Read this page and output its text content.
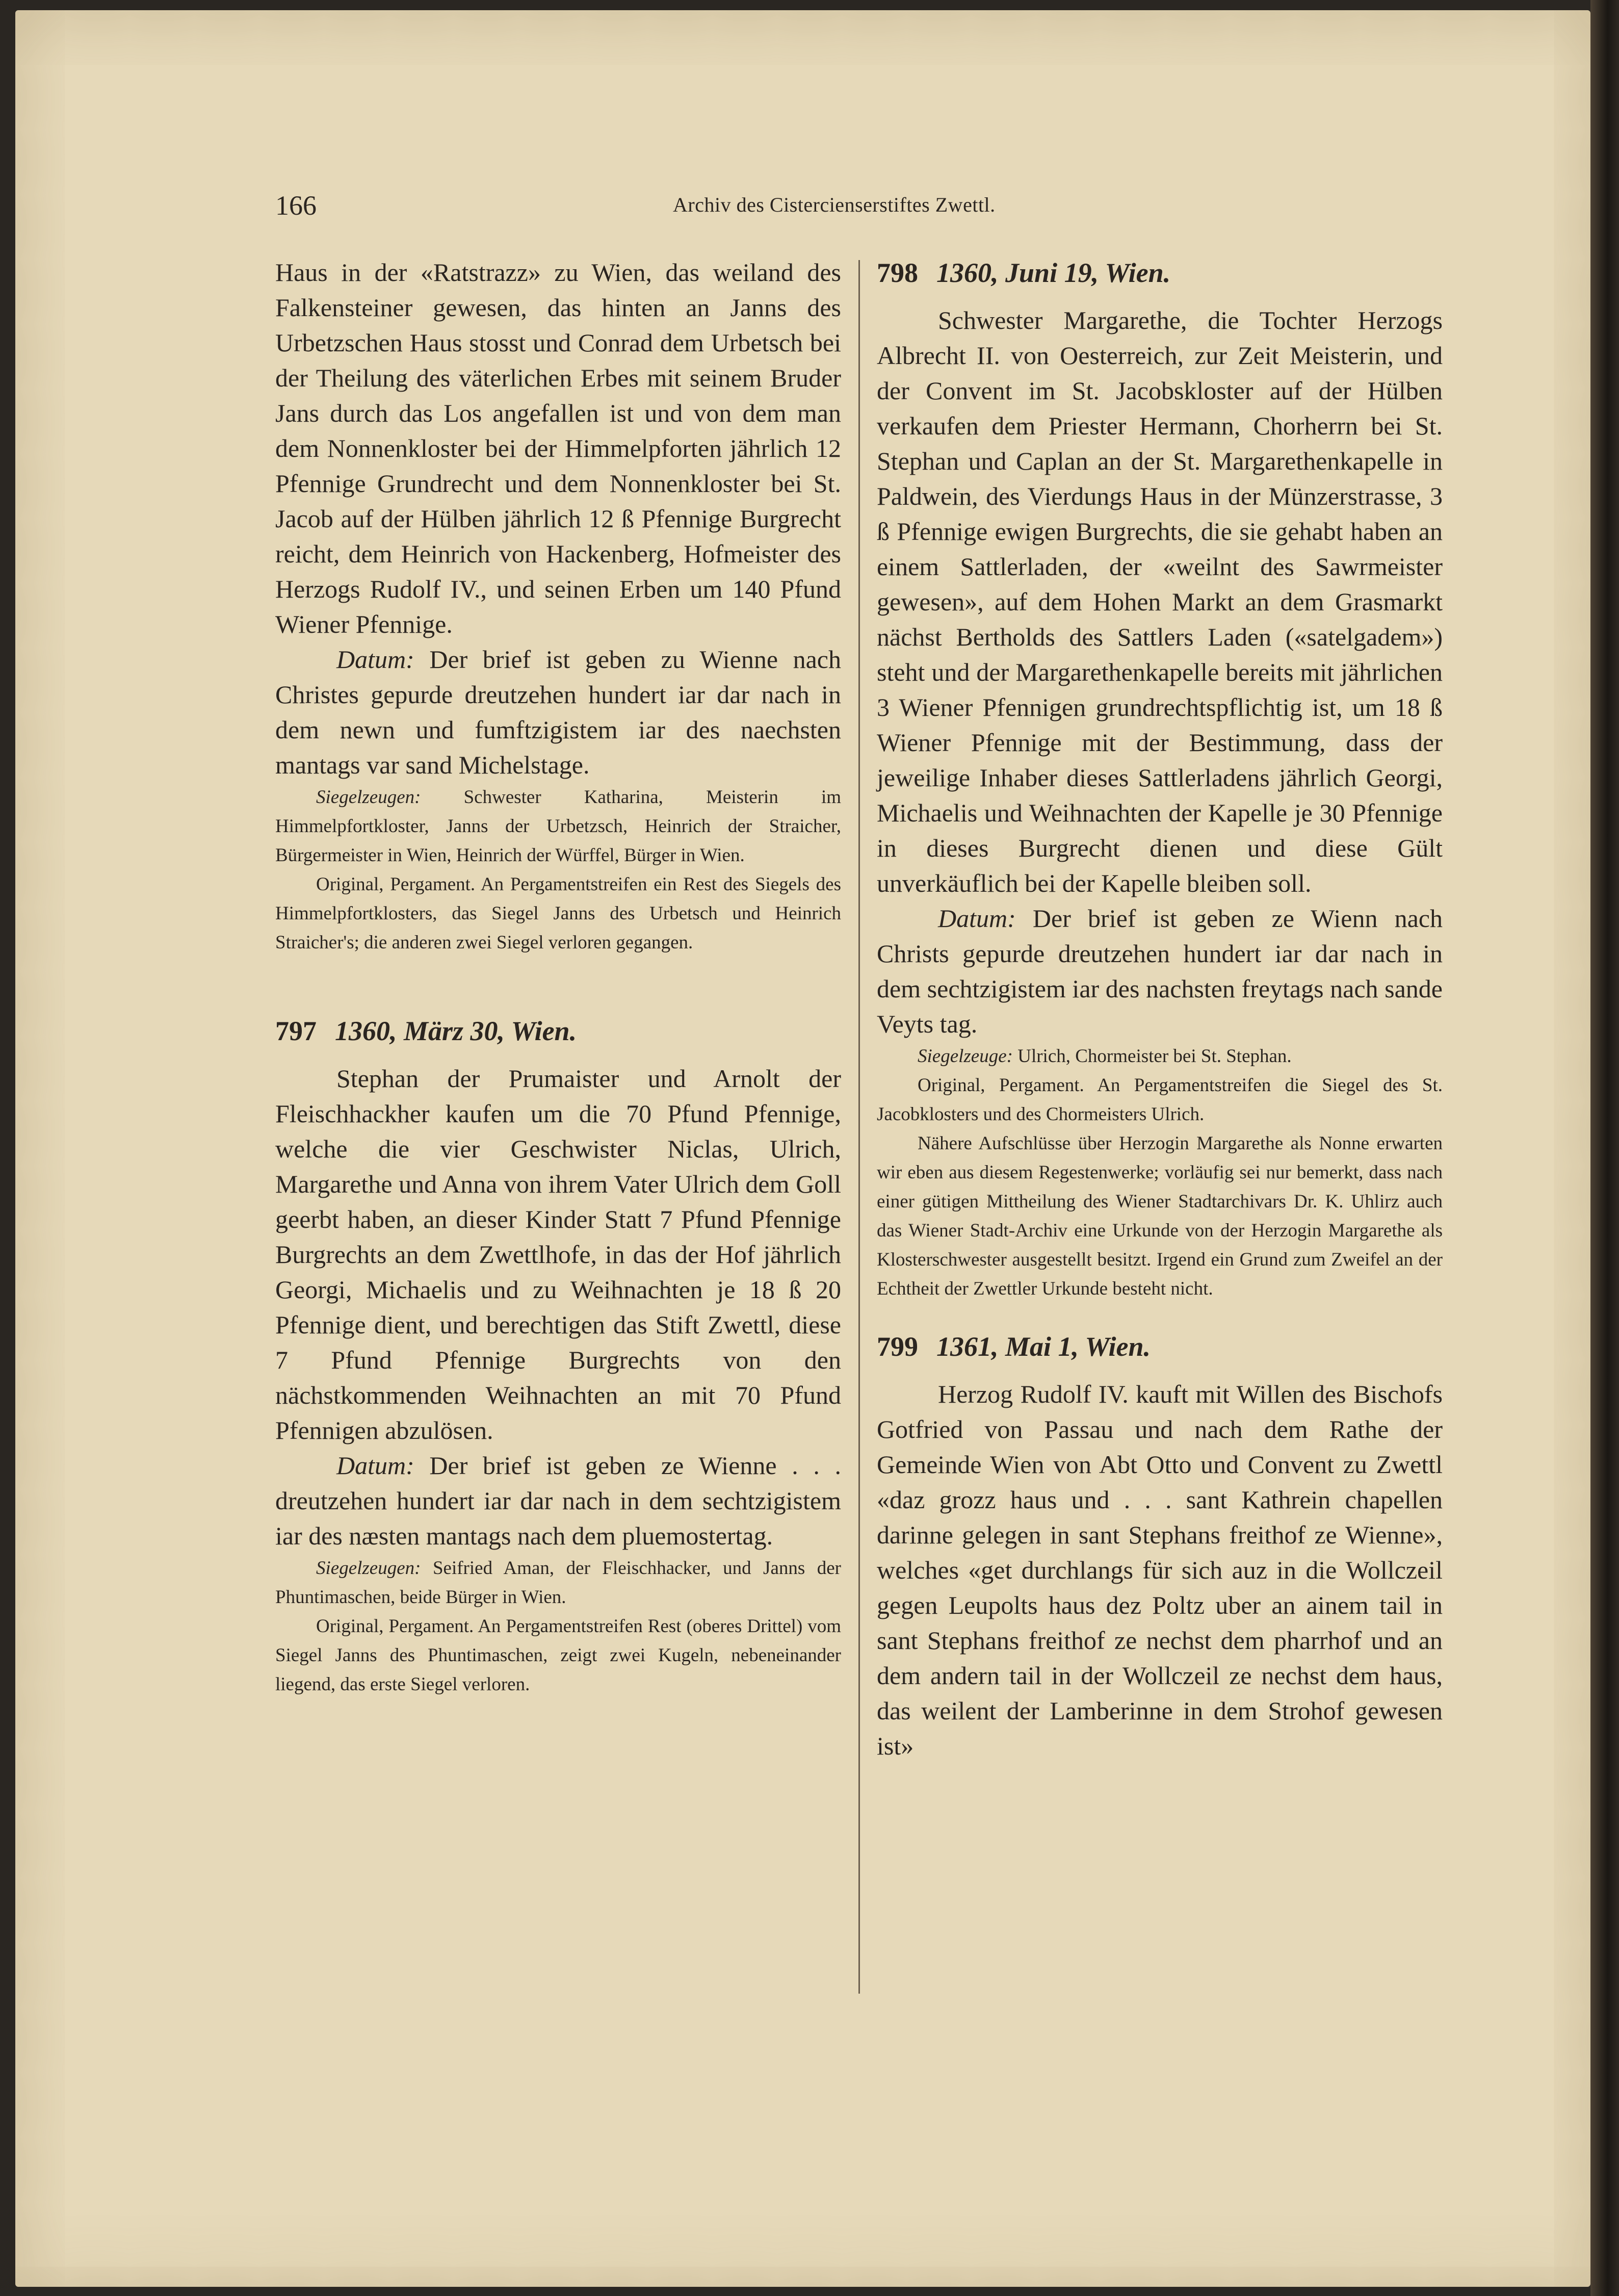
166	Archiv des Cistercienserstiftes Zwettl.

Haus in der «Ratstrazz» zu Wien, das weiland des Falkensteiner gewesen, das hinten an Janns des Urbetzschen Haus stosst und Conrad dem Urbetsch bei der Theilung des väterlichen Erbes mit seinem Bruder Jans durch das Los angefallen ist und von dem man dem Nonnenkloster bei der Himmelpforten jährlich 12 Pfennige Grundrecht und dem Nonnenkloster bei St. Jacob auf der Hülben jährlich 12 ß Pfennige Burgrecht reicht, dem Heinrich von Hackenberg, Hofmeister des Herzogs Rudolf IV., und seinen Erben um 140 Pfund Wiener Pfennige.

Datum: Der brief ist geben zu Wienne nach Christes gepurde dreutzehen hundert iar dar nach in dem newn und fumftzigistem iar des naechsten mantags var sand Michelstage.

Siegelzeugen: Schwester Katharina, Meisterin im Himmelpfortkloster, Janns der Urbetzsch, Heinrich der Straicher, Bürgermeister in Wien, Heinrich der Würffel, Bürger in Wien.

Original, Pergament. An Pergamentstreifen ein Rest des Siegels des Himmelpfortklosters, das Siegel Janns des Urbetsch und Heinrich Straicher's; die anderen zwei Siegel verloren gegangen.

797 1360, März 30, Wien.

Stephan der Prumaister und Arnolt der Fleischhackher kaufen um die 70 Pfund Pfennige, welche die vier Geschwister Niclas, Ulrich, Margarethe und Anna von ihrem Vater Ulrich dem Goll geerbt haben, an dieser Kinder Statt 7 Pfund Pfennige Burgrechts an dem Zwettlhofe, in das der Hof jährlich Georgi, Michaelis und zu Weihnachten je 18 ß 20 Pfennige dient, und berechtigen das Stift Zwettl, diese 7 Pfund Pfennige Burgrechts von den nächstkommenden Weihnachten an mit 70 Pfund Pfennigen abzulösen.

Datum: Der brief ist geben ze Wienne . . . dreutzehen hundert iar dar nach in dem sechtzigistem iar des næsten mantags nach dem pluemostertag.

Siegelzeugen: Seifried Aman, der Fleischhacker, und Janns der Phuntimaschen, beide Bürger in Wien.

Original, Pergament. An Pergamentstreifen Rest (oberes Drittel) vom Siegel Janns des Phuntimaschen, zeigt zwei Kugeln, nebeneinander liegend, das erste Siegel verloren.

798 1360, Juni 19, Wien.

Schwester Margarethe, die Tochter Herzogs Albrecht II. von Oesterreich, zur Zeit Meisterin, und der Convent im St. Jacobskloster auf der Hülben verkaufen dem Priester Hermann, Chorherrn bei St. Stephan und Caplan an der St. Margarethenkapelle in Paldwein, des Vierdungs Haus in der Münzerstrasse, 3 ß Pfennige ewigen Burgrechts, die sie gehabt haben an einem Sattlerladen, der «weilnt des Sawrmeister gewesen», auf dem Hohen Markt an dem Grasmarkt nächst Bertholds des Sattlers Laden («satelgadem») steht und der Margarethenkapelle bereits mit jährlichen 3 Wiener Pfennigen grundrechtspflichtig ist, um 18 ß Wiener Pfennige mit der Bestimmung, dass der jeweilige Inhaber dieses Sattlerladens jährlich Georgi, Michaelis und Weihnachten der Kapelle je 30 Pfennige in dieses Burgrecht dienen und diese Gült unverkäuflich bei der Kapelle bleiben soll.

Datum: Der brief ist geben ze Wienn nach Christs gepurde dreutzehen hundert iar dar nach in dem sechtzigistem iar des nachsten freytags nach sande Veyts tag.

Siegelzeuge: Ulrich, Chormeister bei St. Stephan.

Original, Pergament. An Pergamentstreifen die Siegel des St. Jacobklosters und des Chormeisters Ulrich.

Nähere Aufschlüsse über Herzogin Margarethe als Nonne erwarten wir eben aus diesem Regestenwerke; vorläufig sei nur bemerkt, dass nach einer gütigen Mittheilung des Wiener Stadtarchivars Dr. K. Uhlirz auch das Wiener Stadt-Archiv eine Urkunde von der Herzogin Margarethe als Klosterschwester ausgestellt besitzt. Irgend ein Grund zum Zweifel an der Echtheit der Zwettler Urkunde besteht nicht.

799 1361, Mai 1, Wien.

Herzog Rudolf IV. kauft mit Willen des Bischofs Gotfried von Passau und nach dem Rathe der Gemeinde Wien von Abt Otto und Convent zu Zwettl «daz grozz haus und . . . sant Kathrein chapellen darinne gelegen in sant Stephans freithof ze Wienne», welches «get durchlangs für sich auz in die Wollczeil gegen Leupolts haus dez Poltz uber an ainem tail in sant Stephans freithof ze nechst dem pharrhof und an dem andern tail in der Wollczeil ze nechst dem haus, das weilent der Lamberinne in dem Strohof gewesen ist»
